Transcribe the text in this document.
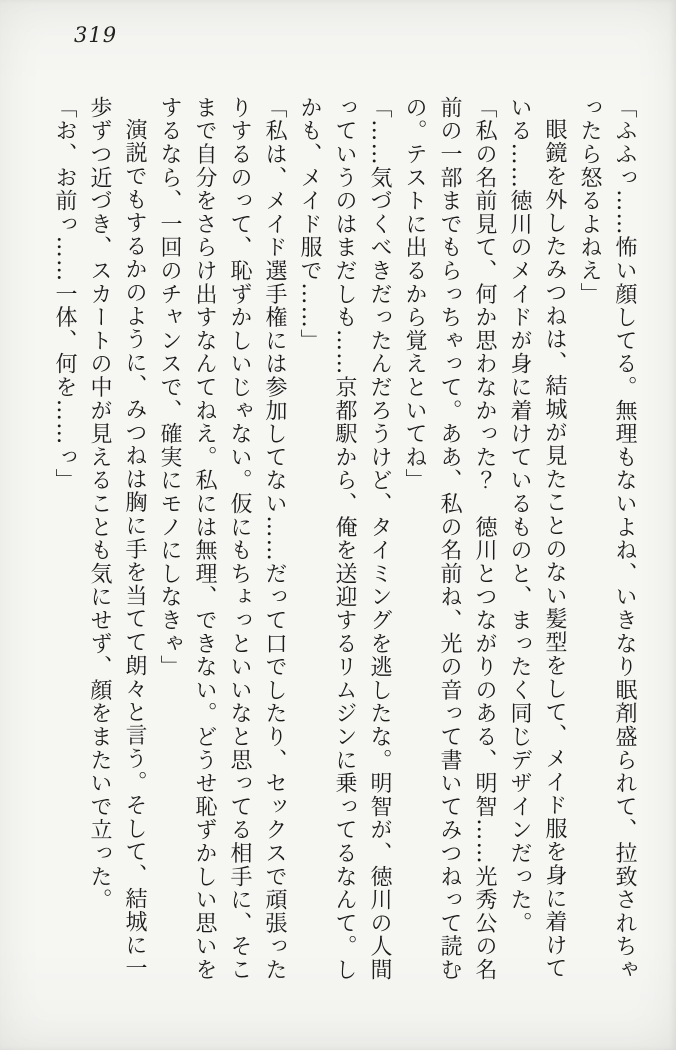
319

「ふふっ……怖い顔してる。無理もないよね、いきなり眠剤盛られて、拉致されちゃったら怒るよねえ」

眼鏡を外したみつねは、結城が見たことのない髪型をして、メイド服を身に着けている……徳川のメイドが身に着けているものと、まったく同じデザインだった。

「私の名前見て、何か思わなかった？　徳川とつながりのある、明智……光秀公の名前の一部までもらっちゃって。ああ、私の名前ね、光の音って書いてみつねって読むの。テストに出るから覚えといてね」

「……気づくべきだったんだろうけど、タイミングを逃したな。明智が、徳川の人間っていうのはまだしも……京都駅から、俺を送迎するリムジンに乗ってるなんて。しかも、メイド服で……」

「私は、メイド選手権には参加してない……だって口でしたり、セックスで頑張ったりするのって、恥ずかしいじゃない。仮にもちょっといいなと思ってる相手に、そこまで自分をさらけ出すなんてねえ。私には無理、できない。どうせ恥ずかしい思いをするなら、一回のチャンスで、確実にモノにしなきゃ」

演説でもするかのように、みつねは胸に手を当てて朗々と言う。そして、結城に一歩ずつ近づき、スカートの中が見えることも気にせず、顔をまたいで立った。

「お、お前っ……一体、何を……っ」
